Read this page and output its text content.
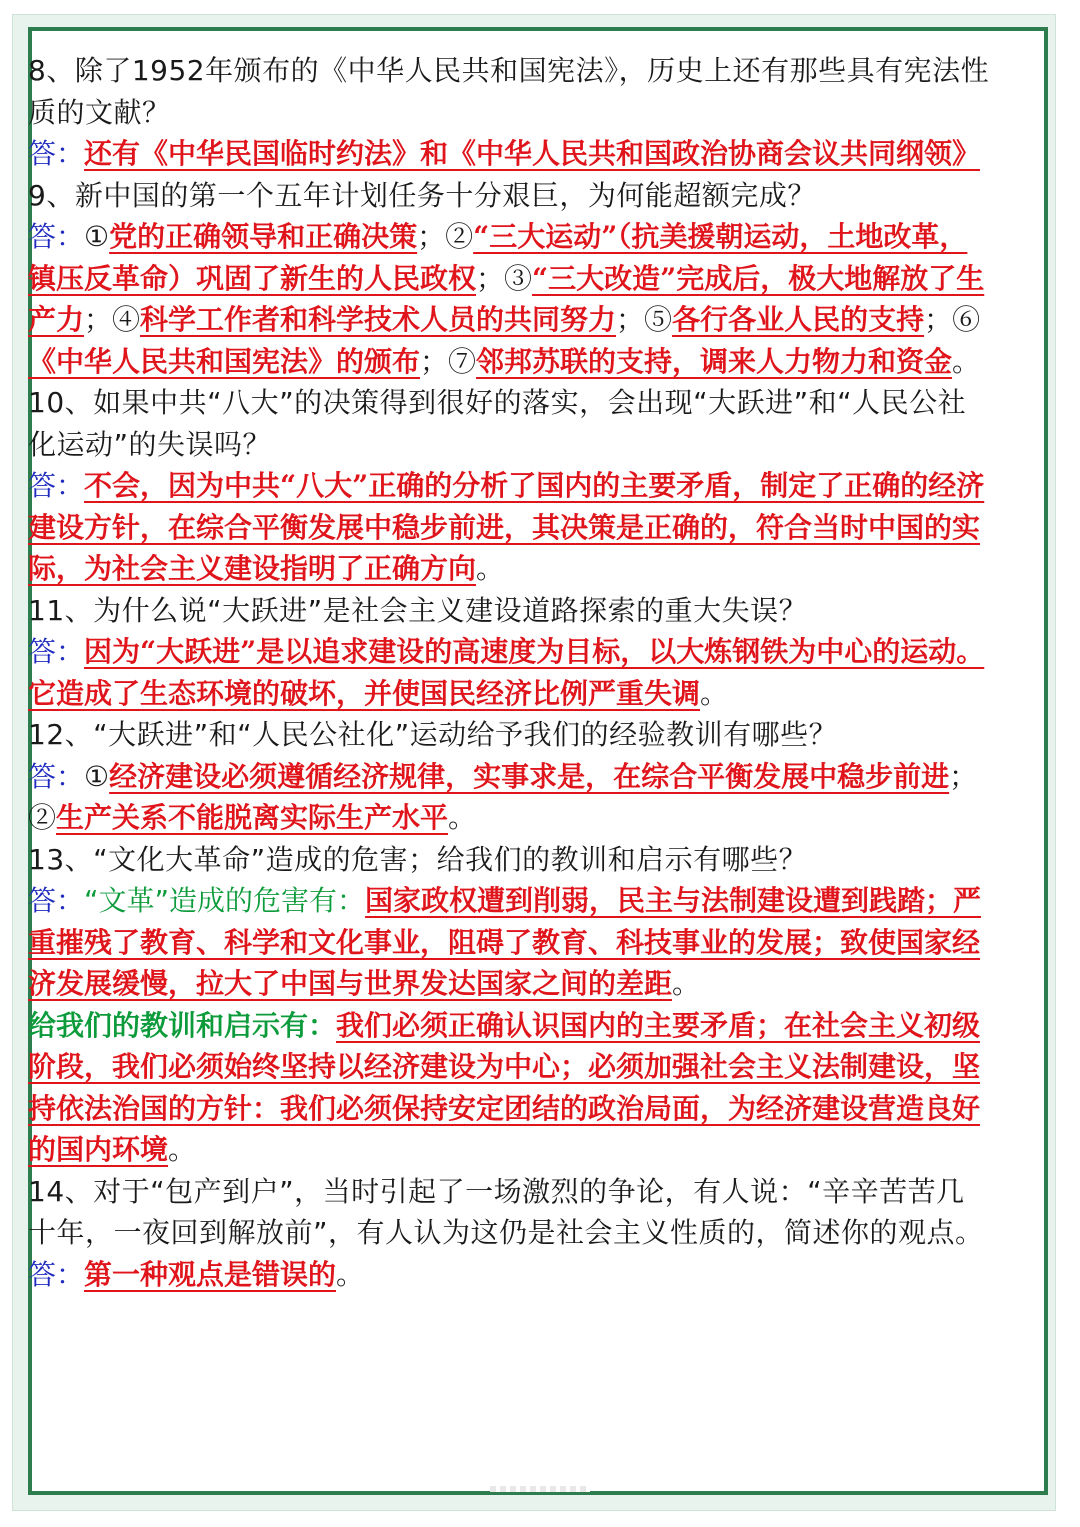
8、除了1952年颁布的《中华人民共和国宪法》，历史上还有那些具有宪法性质的文献？

答：还有《中华民国临时约法》和《中华人民共和国政治协商会议共同纲领》

9、新中国的第一个五年计划任务十分艰巨，为何能超额完成？

答：①党的正确领导和正确决策；②“三大运动”（抗美援朝运动，土地改革，镇压反革命）巩固了新生的人民政权；③“三大改造”完成后，极大地解放了生产力；④科学工作者和科学技术人员的共同努力；⑤各行各业人民的支持；⑥《中华人民共和国宪法》的颁布；⑦邻邦苏联的支持，调来人力物力和资金。

10、如果中共“八大”的决策得到很好的落实，会出现“大跃进”和“人民公社化运动”的失误吗？

答：不会，因为中共“八大”正确的分析了国内的主要矛盾，制定了正确的经济建设方针，在综合平衡发展中稳步前进，其决策是正确的，符合当时中国的实际，为社会主义建设指明了正确方向。

11、为什么说“大跃进”是社会主义建设道路探索的重大失误？

答：因为“大跃进”是以追求建设的高速度为目标，以大炼钢铁为中心的运动。它造成了生态环境的破坏，并使国民经济比例严重失调。

12、“大跃进”和“人民公社化”运动给予我们的经验教训有哪些？

答：①经济建设必须遵循经济规律，实事求是，在综合平衡发展中稳步前进；②生产关系不能脱离实际生产水平。

13、“文化大革命”造成的危害；给我们的教训和启示有哪些？

答：“文革”造成的危害有：国家政权遭到削弱，民主与法制建设遭到践踏；严重摧残了教育、科学和文化事业，阻碍了教育、科技事业的发展；致使国家经济发展缓慢，拉大了中国与世界发达国家之间的差距。

给我们的教训和启示有：我们必须正确认识国内的主要矛盾；在社会主义初级阶段，我们必须始终坚持以经济建设为中心；必须加强社会主义法制建设，坚持依法治国的方针：我们必须保持安定团结的政治局面，为经济建设营造良好的国内环境。

14、对于“包产到户”，当时引起了一场激烈的争论，有人说：“辛辛苦苦几十年，一夜回到解放前”，有人认为这仍是社会主义性质的，简述你的观点。

答：第一种观点是错误的。
